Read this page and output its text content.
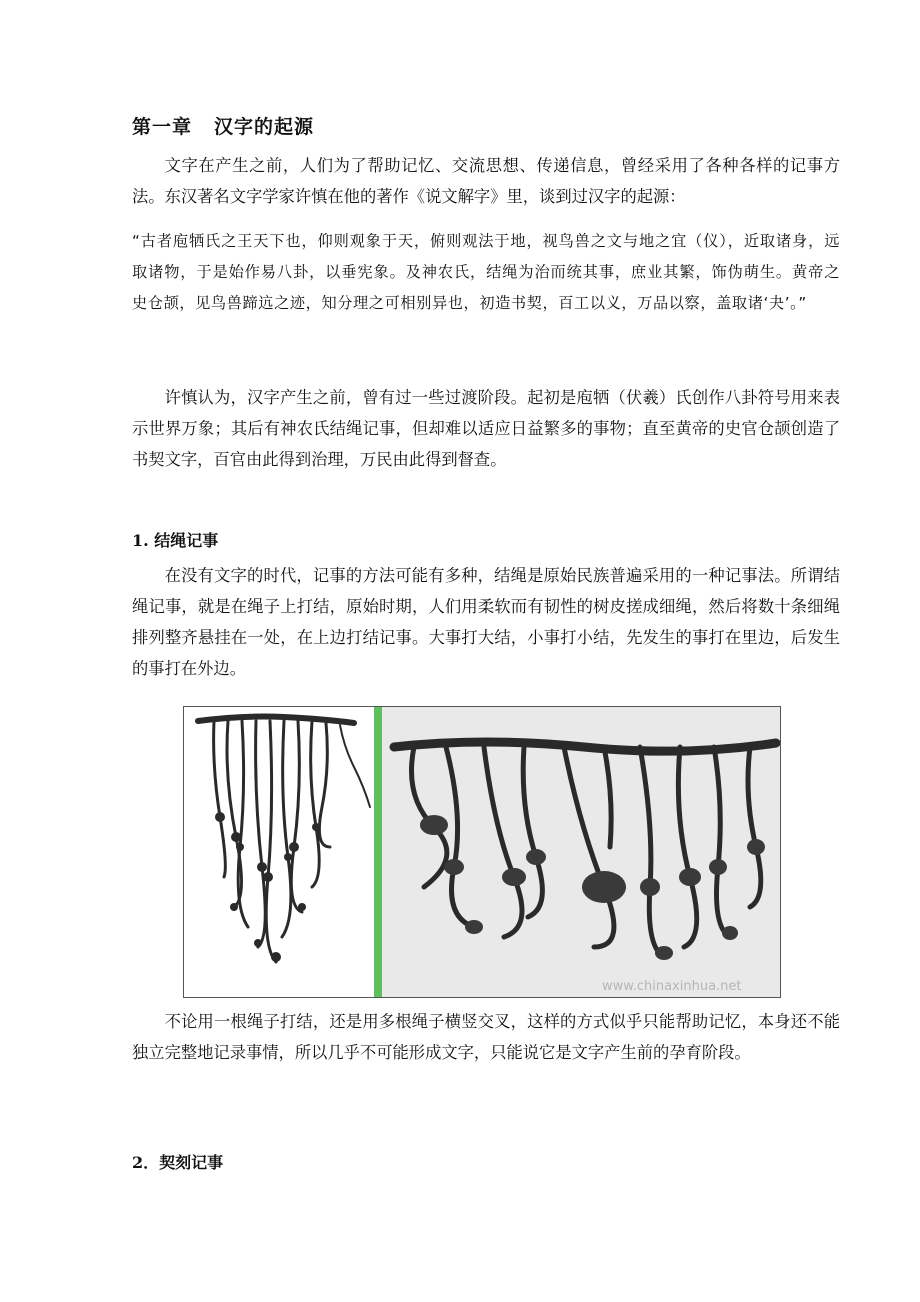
第一章 汉字的起源

文字在产生之前，人们为了帮助记忆、交流思想、传递信息，曾经采用了各种各样的记事方法。东汉著名文字学家许慎在他的著作《说文解字》里，谈到过汉字的起源：

“古者庖牺氏之王天下也，仰则观象于天，俯则观法于地，视鸟兽之文与地之宜（仪），近取诸身，远取诸物，于是始作易八卦，以垂宪象。及神农氏，结绳为治而统其事，庶业其繁，饰伪萌生。黄帝之史仓颉，见鸟兽蹄迒之迹，知分理之可相别异也，初造书契，百工以义，万品以察，盖取诸‘夬’。”

许慎认为，汉字产生之前，曾有过一些过渡阶段。起初是庖牺（伏羲）氏创作八卦符号用来表示世界万象；其后有神农氏结绳记事，但却难以适应日益繁多的事物；直至黄帝的史官仓颉创造了书契文字，百官由此得到治理，万民由此得到督查。

1. 结绳记事

在没有文字的时代，记事的方法可能有多种，结绳是原始民族普遍采用的一种记事法。所谓结绳记事，就是在绳子上打结，原始时期，人们用柔软而有韧性的树皮搓成细绳，然后将数十条细绳排列整齐悬挂在一处，在上边打结记事。大事打大结，小事打小结，先发生的事打在里边，后发生的事打在外边。

www.chinaxinhua.net

不论用一根绳子打结，还是用多根绳子横竖交叉，这样的方式似乎只能帮助记忆，本身还不能独立完整地记录事情，所以几乎不可能形成文字，只能说它是文字产生前的孕育阶段。

2．契刻记事
